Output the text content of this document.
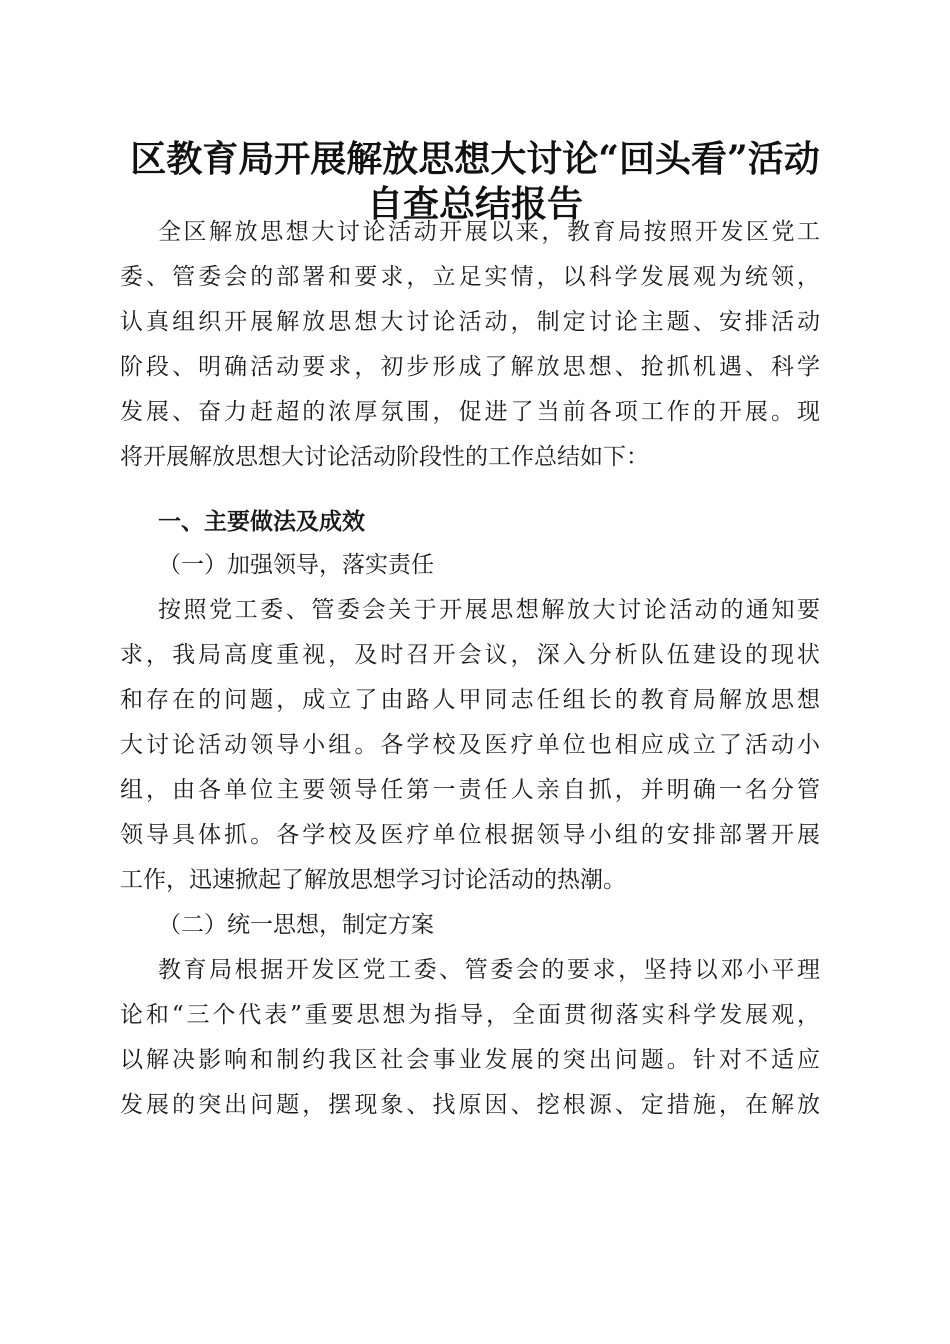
区教育局开展解放思想大讨论“回头看”活动
自查总结报告
全区解放思想大讨论活动开展以来，教育局按照开发区党工
委、管委会的部署和要求，立足实情，以科学发展观为统领，
认真组织开展解放思想大讨论活动，制定讨论主题、安排活动
阶段、明确活动要求，初步形成了解放思想、抢抓机遇、科学
发展、奋力赶超的浓厚氛围，促进了当前各项工作的开展。现
将开展解放思想大讨论活动阶段性的工作总结如下：
一、主要做法及成效
（一）加强领导，落实责任
按照党工委、管委会关于开展思想解放大讨论活动的通知要
求，我局高度重视，及时召开会议，深入分析队伍建设的现状
和存在的问题，成立了由路人甲同志任组长的教育局解放思想
大讨论活动领导小组。各学校及医疗单位也相应成立了活动小
组，由各单位主要领导任第一责任人亲自抓，并明确一名分管
领导具体抓。各学校及医疗单位根据领导小组的安排部署开展
工作，迅速掀起了解放思想学习讨论活动的热潮。
（二）统一思想，制定方案
教育局根据开发区党工委、管委会的要求，坚持以邓小平理
论和“三个代表”重要思想为指导，全面贯彻落实科学发展观，
以解决影响和制约我区社会事业发展的突出问题。针对不适应
发展的突出问题，摆现象、找原因、挖根源、定措施，在解放
